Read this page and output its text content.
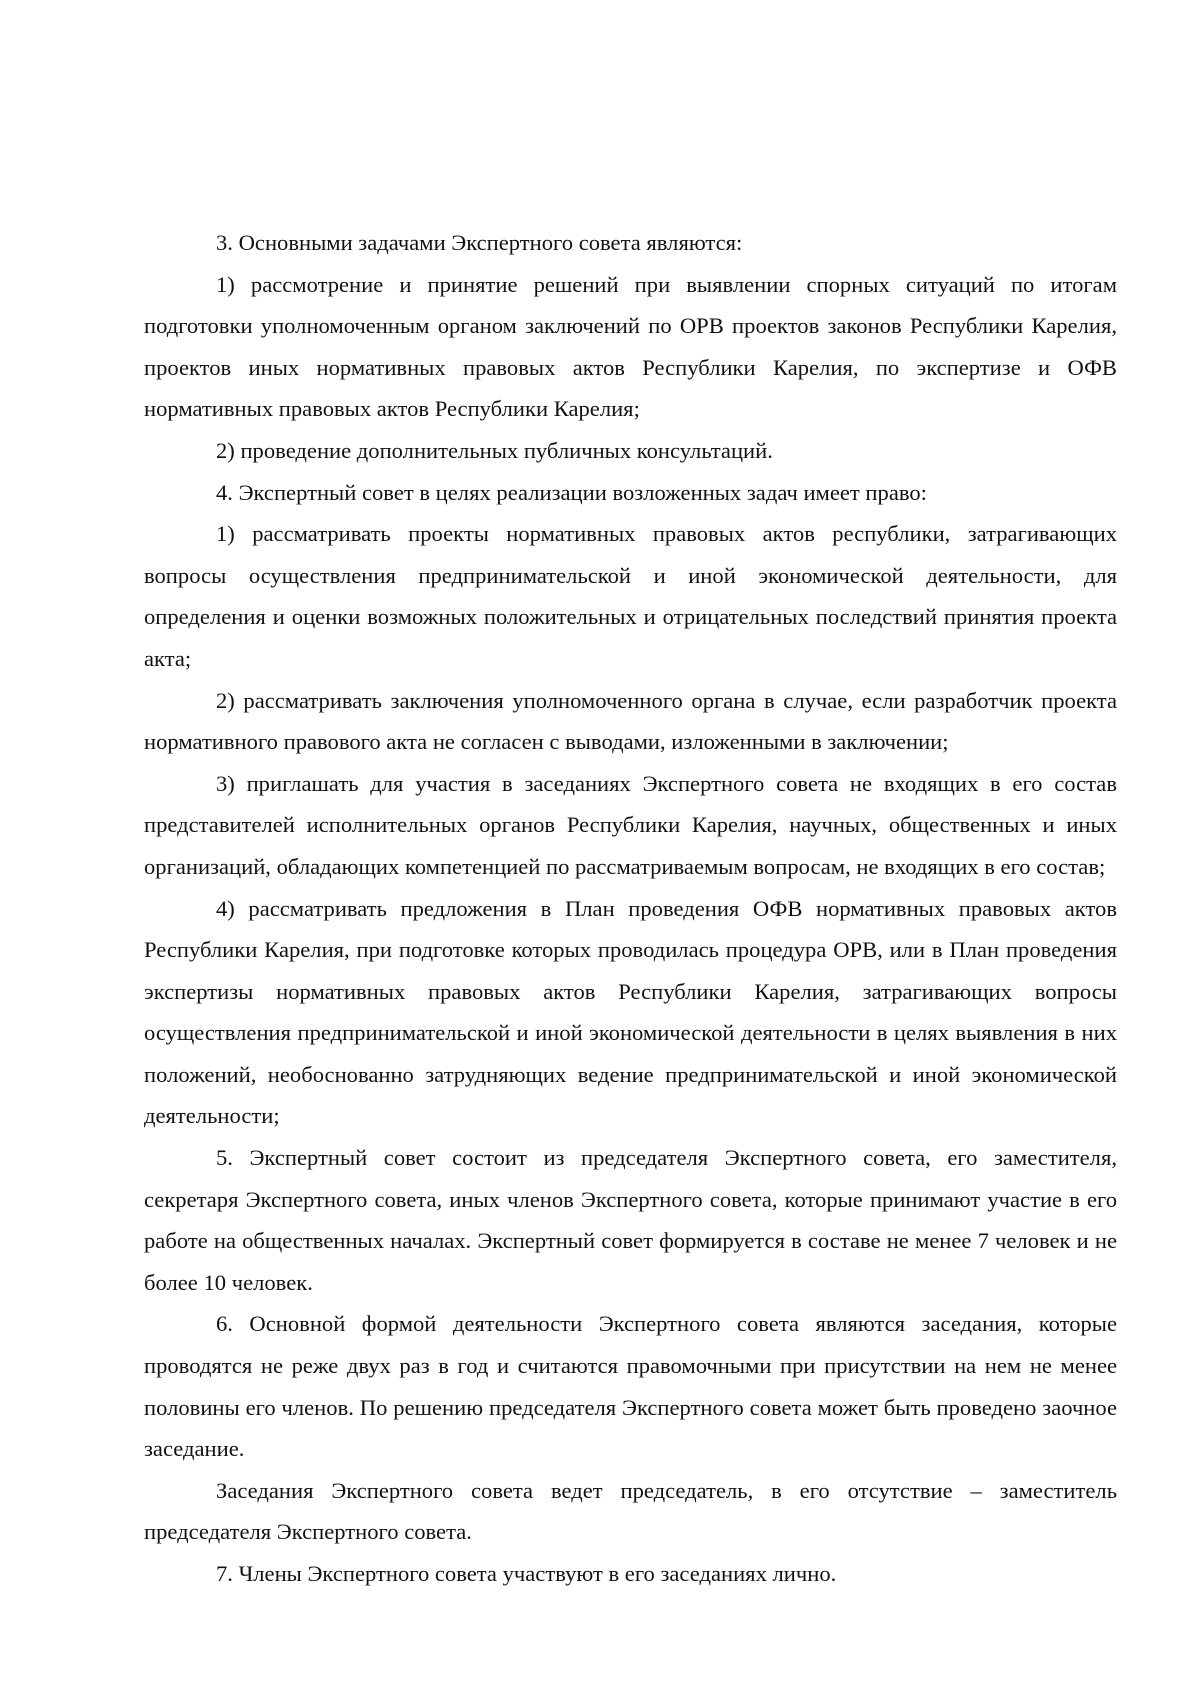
3. Основными задачами Экспертного совета являются:

1) рассмотрение и принятие решений при выявлении спорных ситуаций по итогам подготовки уполномоченным органом заключений по ОРВ проектов законов Республики Карелия, проектов иных нормативных правовых актов Республики Карелия, по экспертизе и ОФВ нормативных правовых актов Республики Карелия;

2) проведение дополнительных публичных консультаций.

4. Экспертный совет в целях реализации возложенных задач имеет право:

1) рассматривать проекты нормативных правовых актов республики, затрагивающих вопросы осуществления предпринимательской и иной экономической деятельности, для определения и оценки возможных положительных и отрицательных последствий принятия проекта акта;

2) рассматривать заключения уполномоченного органа в случае, если разработчик проекта нормативного правового акта не согласен с выводами, изложенными в заключении;

3) приглашать для участия в заседаниях Экспертного совета не входящих в его состав представителей исполнительных органов Республики Карелия, научных, общественных и иных организаций, обладающих компетенцией по рассматриваемым вопросам, не входящих в его состав;

4) рассматривать предложения в План проведения ОФВ нормативных правовых актов Республики Карелия, при подготовке которых проводилась процедура ОРВ, или в План проведения экспертизы нормативных правовых актов Республики Карелия, затрагивающих вопросы осуществления предпринимательской и иной экономической деятельности в целях выявления в них положений, необоснованно затрудняющих ведение предпринимательской и иной экономической деятельности;

5. Экспертный совет состоит из председателя Экспертного совета, его заместителя, секретаря Экспертного совета, иных членов Экспертного совета, которые принимают участие в его работе на общественных началах. Экспертный совет формируется в составе не менее 7 человек и не более 10 человек.

6. Основной формой деятельности Экспертного совета являются заседания, которые проводятся не реже двух раз в год и считаются правомочными при присутствии на нем не менее половины его членов. По решению председателя Экспертного совета может быть проведено заочное заседание.

Заседания Экспертного совета ведет председатель, в его отсутствие – заместитель председателя Экспертного совета.

7. Члены Экспертного совета участвуют в его заседаниях лично.
